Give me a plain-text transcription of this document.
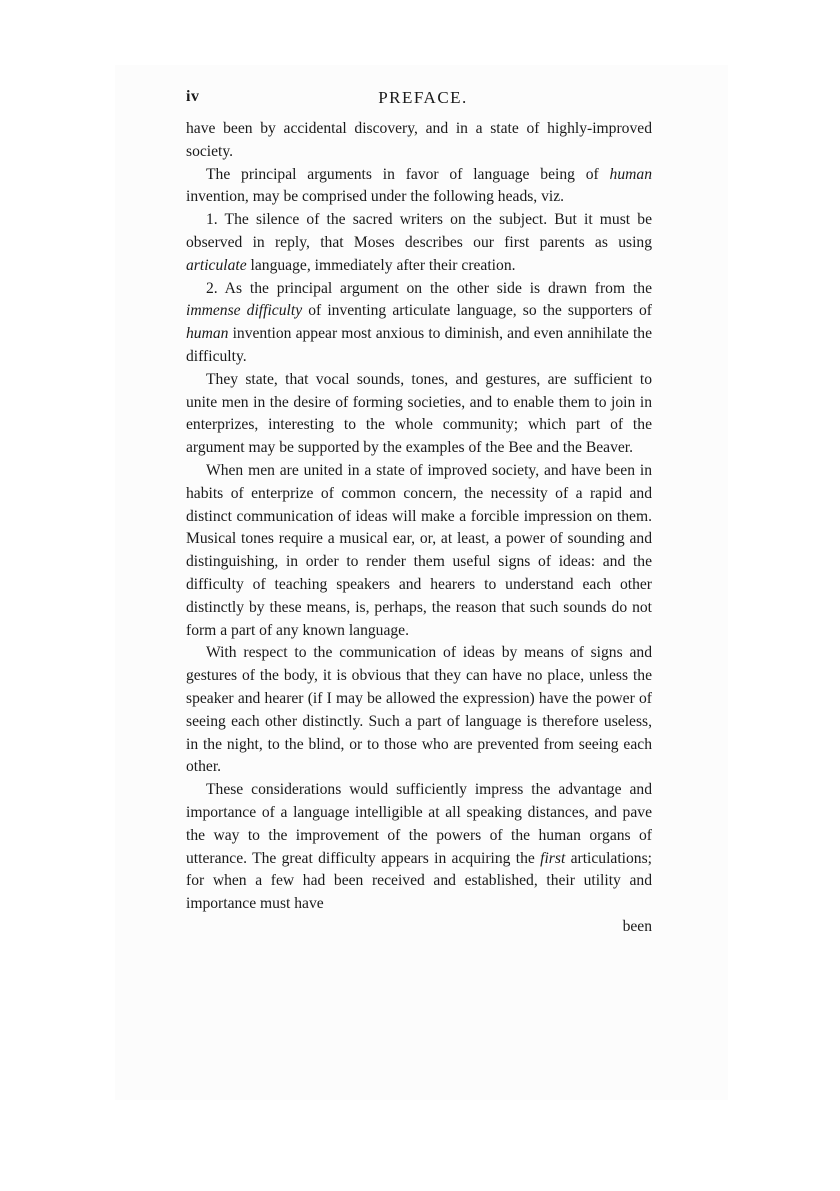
iv	PREFACE.

have been by accidental discovery, and in a state of highly-improved society.

The principal arguments in favor of language being of human invention, may be comprised under the following heads, viz.

1. The silence of the sacred writers on the subject. But it must be observed in reply, that Moses describes our first parents as using articulate language, immediately after their creation.

2. As the principal argument on the other side is drawn from the immense difficulty of inventing articulate language, so the supporters of human invention appear most anxious to diminish, and even annihilate the difficulty.

They state, that vocal sounds, tones, and gestures, are sufficient to unite men in the desire of forming societies, and to enable them to join in enterprizes, interesting to the whole community; which part of the argument may be supported by the examples of the Bee and the Beaver.

When men are united in a state of improved society, and have been in habits of enterprize of common concern, the necessity of a rapid and distinct communication of ideas will make a forcible impression on them. Musical tones require a musical ear, or, at least, a power of sounding and distinguishing, in order to render them useful signs of ideas: and the difficulty of teaching speakers and hearers to understand each other distinctly by these means, is, perhaps, the reason that such sounds do not form a part of any known language.

With respect to the communication of ideas by means of signs and gestures of the body, it is obvious that they can have no place, unless the speaker and hearer (if I may be allowed the expression) have the power of seeing each other distinctly. Such a part of language is therefore useless, in the night, to the blind, or to those who are prevented from seeing each other.

These considerations would sufficiently impress the advantage and importance of a language intelligible at all speaking distances, and pave the way to the improvement of the powers of the human organs of utterance. The great difficulty appears in acquiring the first articulations; for when a few had been received and established, their utility and importance must have

been
